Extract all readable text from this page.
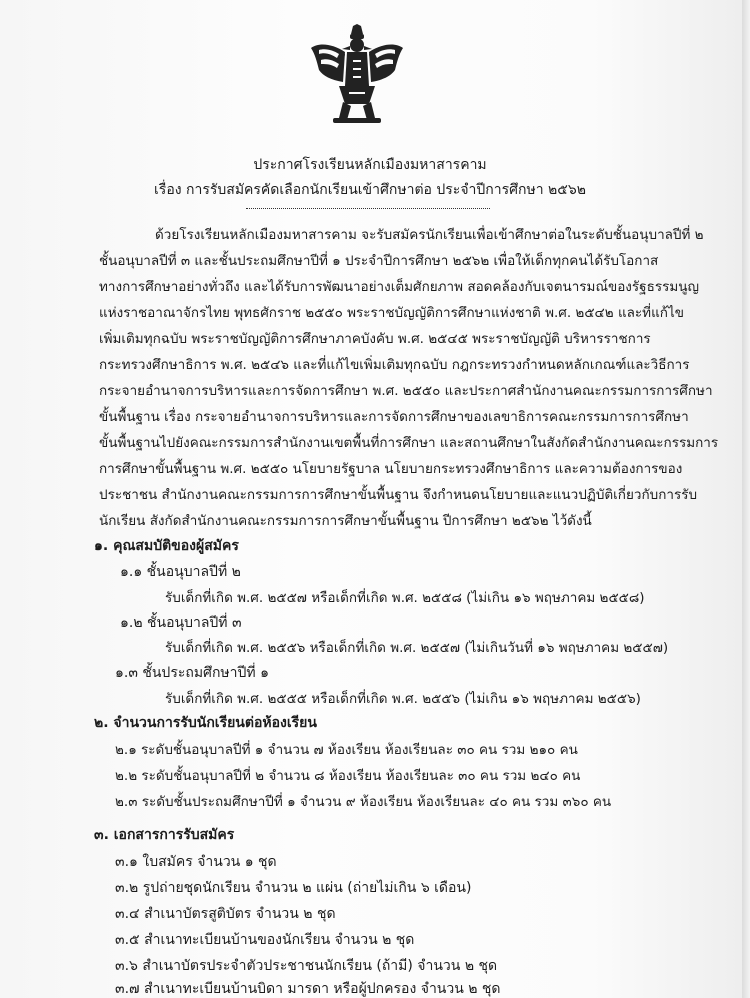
ประกาศโรงเรียนหลักเมืองมหาสารคาม
เรื่อง การรับสมัครคัดเลือกนักเรียนเข้าศึกษาต่อ ประจำปีการศึกษา ๒๕๖๒
ด้วยโรงเรียนหลักเมืองมหาสารคาม จะรับสมัครนักเรียนเพื่อเข้าศึกษาต่อในระดับชั้นอนุบาลปีที่ ๒
ชั้นอนุบาลปีที่ ๓ และชั้นประถมศึกษาปีที่ ๑ ประจำปีการศึกษา ๒๕๖๒ เพื่อให้เด็กทุกคนได้รับโอกาส
ทางการศึกษาอย่างทั่วถึง และได้รับการพัฒนาอย่างเต็มศักยภาพ สอดคล้องกับเจตนารมณ์ของรัฐธรรมนูญ
แห่งราชอาณาจักรไทย พุทธศักราช ๒๕๕๐ พระราชบัญญัติการศึกษาแห่งชาติ พ.ศ. ๒๕๔๒ และที่แก้ไข
เพิ่มเติมทุกฉบับ พระราชบัญญัติการศึกษาภาคบังคับ พ.ศ. ๒๕๔๕ พระราชบัญญัติ บริหารราชการ
กระทรวงศึกษาธิการ พ.ศ. ๒๕๔๖ และที่แก้ไขเพิ่มเติมทุกฉบับ กฎกระทรวงกำหนดหลักเกณฑ์และวิธีการ
กระจายอำนาจการบริหารและการจัดการศึกษา พ.ศ. ๒๕๕๐ และประกาศสำนักงานคณะกรรมการการศึกษา
ขั้นพื้นฐาน เรื่อง กระจายอำนาจการบริหารและการจัดการศึกษาของเลขาธิการคณะกรรมการการศึกษา
ขั้นพื้นฐานไปยังคณะกรรมการสำนักงานเขตพื้นที่การศึกษา และสถานศึกษาในสังกัดสำนักงานคณะกรรมการ
การศึกษาขั้นพื้นฐาน พ.ศ. ๒๕๕๐ นโยบายรัฐบาล นโยบายกระทรวงศึกษาธิการ และความต้องการของ
ประชาชน สำนักงานคณะกรรมการการศึกษาขั้นพื้นฐาน จึงกำหนดนโยบายและแนวปฏิบัติเกี่ยวกับการรับ
นักเรียน สังกัดสำนักงานคณะกรรมการการศึกษาขั้นพื้นฐาน ปีการศึกษา ๒๕๖๒ ไว้ดังนี้
๑. คุณสมบัติของผู้สมัคร
๑.๑ ชั้นอนุบาลปีที่ ๒
รับเด็กที่เกิด พ.ศ. ๒๕๕๗ หรือเด็กที่เกิด พ.ศ. ๒๕๕๘ (ไม่เกิน ๑๖ พฤษภาคม ๒๕๕๘)
๑.๒ ชั้นอนุบาลปีที่ ๓
รับเด็กที่เกิด พ.ศ. ๒๕๕๖ หรือเด็กที่เกิด พ.ศ. ๒๕๕๗ (ไม่เกินวันที่ ๑๖ พฤษภาคม ๒๕๕๗)
๑.๓ ชั้นประถมศึกษาปีที่ ๑
รับเด็กที่เกิด พ.ศ. ๒๕๕๕ หรือเด็กที่เกิด พ.ศ. ๒๕๕๖ (ไม่เกิน ๑๖ พฤษภาคม ๒๕๕๖)
๒. จำนวนการรับนักเรียนต่อห้องเรียน
๒.๑ ระดับชั้นอนุบาลปีที่ ๑ จำนวน ๗ ห้องเรียน ห้องเรียนละ ๓๐ คน รวม ๒๑๐ คน
๒.๒ ระดับชั้นอนุบาลปีที่ ๒ จำนวน ๘ ห้องเรียน ห้องเรียนละ ๓๐ คน รวม ๒๔๐ คน
๒.๓ ระดับชั้นประถมศึกษาปีที่ ๑ จำนวน ๙ ห้องเรียน ห้องเรียนละ ๔๐ คน รวม ๓๖๐ คน
๓. เอกสารการรับสมัคร
๓.๑ ใบสมัคร จำนวน ๑ ชุด
๓.๒ รูปถ่ายชุดนักเรียน จำนวน ๒ แผ่น (ถ่ายไม่เกิน ๖ เดือน)
๓.๔ สำเนาบัตรสูติบัตร จำนวน ๒ ชุด
๓.๕ สำเนาทะเบียนบ้านของนักเรียน จำนวน ๒ ชุด
๓.๖ สำเนาบัตรประจำตัวประชาชนนักเรียน (ถ้ามี) จำนวน ๒ ชุด
๓.๗ สำเนาทะเบียนบ้านบิดา มารดา หรือผู้ปกครอง จำนวน ๒ ชุด
